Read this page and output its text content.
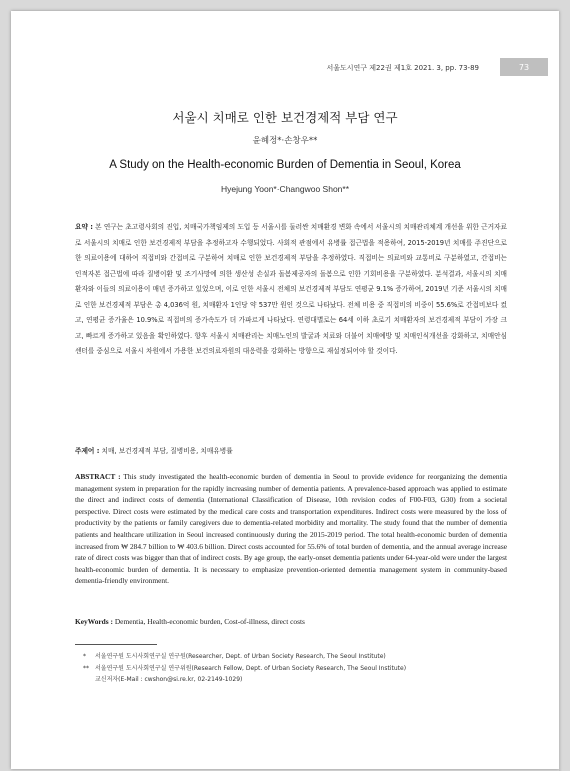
서울도시연구 제22권 제1호 2021. 3, pp. 73-89	73
서울시 치매로 인한 보건경제적 부담 연구
윤혜정*·손창우**
A Study on the Health-economic Burden of Dementia in Seoul, Korea
Hyejung Yoon*·Changwoo Shon**
요약 : 본 연구는 초고령사회의 진입, 치매국가책임제의 도입 등 서울시를 둘러싼 치매환경 변화 속에서 서울시의 치매관리체계 개선을 위한 근거자료로 서울시의 치매로 인한 보건경제적 부담을 추정하고자 수행되었다. 사회적 관점에서 유병률 접근법을 적용하여, 2015-2019년 치매를 주진단으로 한 의료이용에 대하여 직접비와 간접비로 구분하여 치매로 인한 보건경제적 부담을 추정하였다. 직접비는 의료비와 교통비로 구분하였고, 간접비는 인적자본 접근법에 따라 질병이환 및 조기사망에 의한 생산성 손실과 돌봄제공자의 돌봄으로 인한 기회비용을 구분하였다. 분석결과, 서울시의 치매환자와 이들의 의료이용이 매년 증가하고 있었으며, 이로 인한 서울시 전체의 보건경제적 부담도 연평균 9.1% 증가하여, 2019년 기준 서울시의 치매로 인한 보건경제적 부담은 총 4,036억 원, 치매환자 1인당 약 537만 원인 것으로 나타났다. 전체 비용 중 직접비의 비중이 55.6%로 간접비보다 컸고, 연평균 증가율은 10.9%로 직접비의 증가속도가 더 가파르게 나타났다. 연령대별로는 64세 이하 초로기 치매환자의 보건경제적 부담이 가장 크고, 빠르게 증가하고 있음을 확인하였다. 향후 서울시 치매관리는 치매노인의 발굴과 치료와 더불어 치매예방 및 치매인식개선을 강화하고, 치매안심센터를 중심으로 서울시 차원에서 가용한 보건의료자원의 대응력을 강화하는 방향으로 재설정되어야 할 것이다.
주제어 : 치매, 보건경제적 부담, 질병비용, 치매유병률
ABSTRACT : This study investigated the health-economic burden of dementia in Seoul to provide evidence for reorganizing the dementia management system in preparation for the rapidly increasing number of dementia patients. A prevalence-based approach was applied to estimate the direct and indirect costs of dementia (International Classification of Disease, 10th revision codes of F00-F03, G30) from a societal perspective. Direct costs were estimated by the medical care costs and transportation expenditures. Indirect costs were measured by the loss of productivity by the patients or family caregivers due to dementia-related morbidity and mortality. The study found that the number of dementia patients and healthcare utilization in Seoul increased continuously during the 2015-2019 period. The total health-economic burden of dementia increased from ₩ 284.7 billion to ₩ 403.6 billion. Direct costs accounted for 55.6% of total burden of dementia, and the annual average increase rate of direct costs was bigger than that of indirect costs. By age group, the early-onset dementia patients under 64-year-old were under the largest health-economic burden of dementia. It is necessary to emphasize prevention-oriented dementia management system in community-based dementia-friendly environment.
KeyWords : Dementia, Health-economic burden, Cost-of-illness, direct costs
* 서울연구원 도시사회연구실 연구원(Researcher, Dept. of Urban Society Research, The Seoul Institute)
** 서울연구원 도시사회연구실 연구위원(Research Fellow, Dept. of Urban Society Research, The Seoul Institute)
교신저자(E-Mail : cwshon@si.re.kr, 02-2149-1029)
